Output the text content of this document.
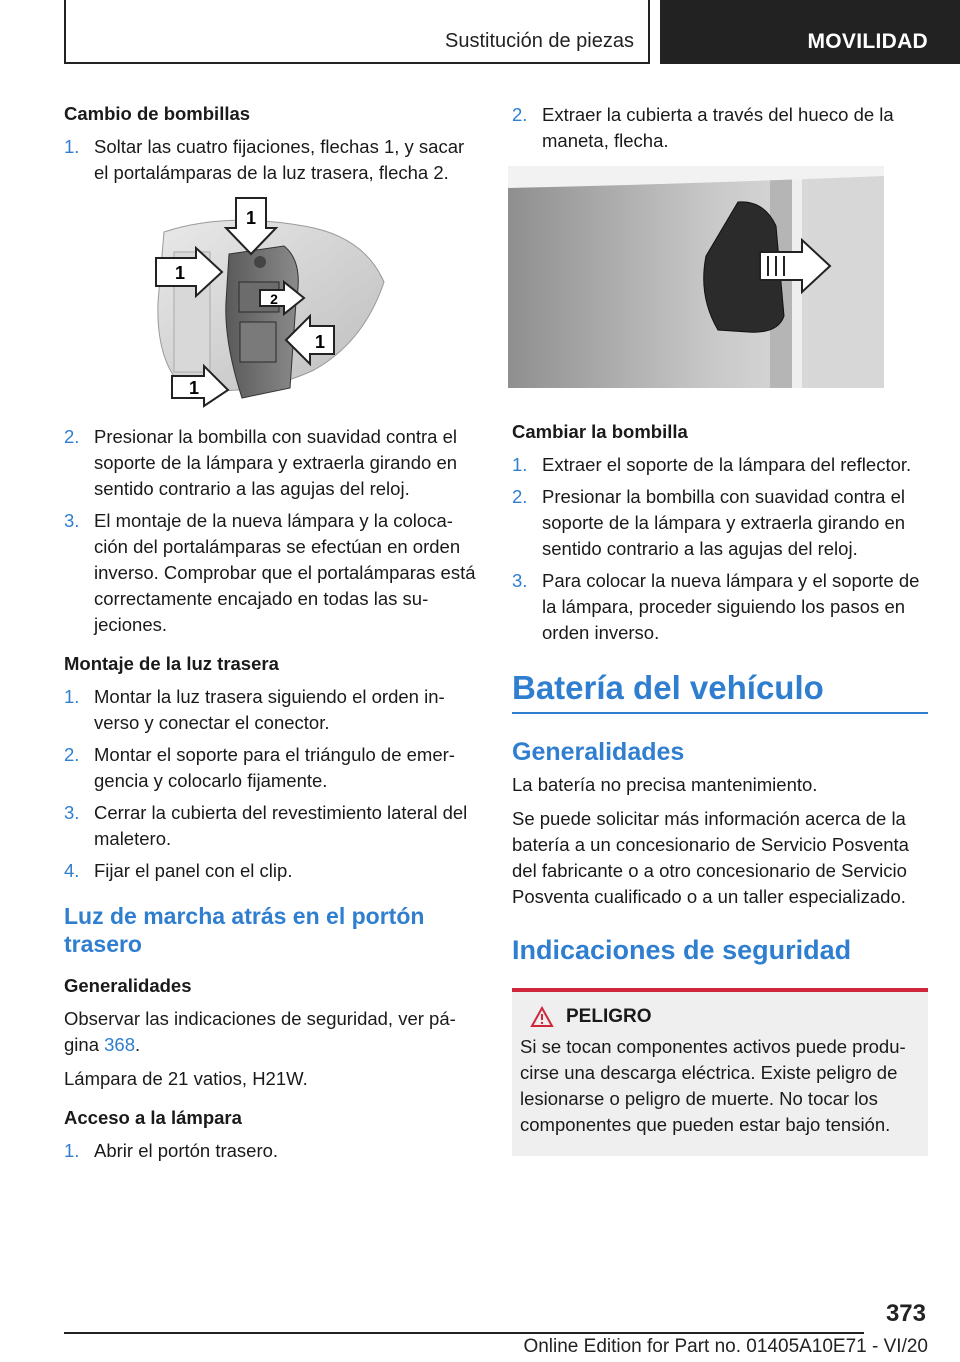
Sustitución de piezas	MOVILIDAD
Cambio de bombillas
1. Soltar las cuatro fijaciones, flechas 1, y sacar el portalámparas de la luz trasera, flecha 2.
1
1
2
1
1
2. Presionar la bombilla con suavidad contra el soporte de la lámpara y extraerla girando en sentido contrario a las agujas del reloj.
3. El montaje de la nueva lámpara y la colocación del portalámparas se efectúan en orden inverso. Comprobar que el portalámparas está correctamente encajado en todas las sujeciones.
Montaje de la luz trasera
1. Montar la luz trasera siguiendo el orden inverso y conectar el conector.
2. Montar el soporte para el triángulo de emergencia y colocarlo fijamente.
3. Cerrar la cubierta del revestimiento lateral del maletero.
4. Fijar el panel con el clip.
Luz de marcha atrás en el portón trasero
Generalidades

Observar las indicaciones de seguridad, ver página 368.

Lámpara de 21 vatios, H21W.

Acceso a la lámpara
1. Abrir el portón trasero.
2. Extraer la cubierta a través del hueco de la maneta, flecha.
Cambiar la bombilla
1. Extraer el soporte de la lámpara del reflector.
2. Presionar la bombilla con suavidad contra el soporte de la lámpara y extraerla girando en sentido contrario a las agujas del reloj.
3. Para colocar la nueva lámpara y el soporte de la lámpara, proceder siguiendo los pasos en orden inverso.
Batería del vehículo
Generalidades

La batería no precisa mantenimiento.

Se puede solicitar más información acerca de la batería a un concesionario de Servicio Posventa del fabricante o a otro concesionario de Servicio Posventa cualificado o a un taller especializado.

Indicaciones de seguridad
PELIGRO

Si se tocan componentes activos puede producirse una descarga eléctrica. Existe peligro de lesionarse o peligro de muerte. No tocar los componentes que pueden estar bajo tensión.

373
Online Edition for Part no. 01405A10E71 - VI/20
